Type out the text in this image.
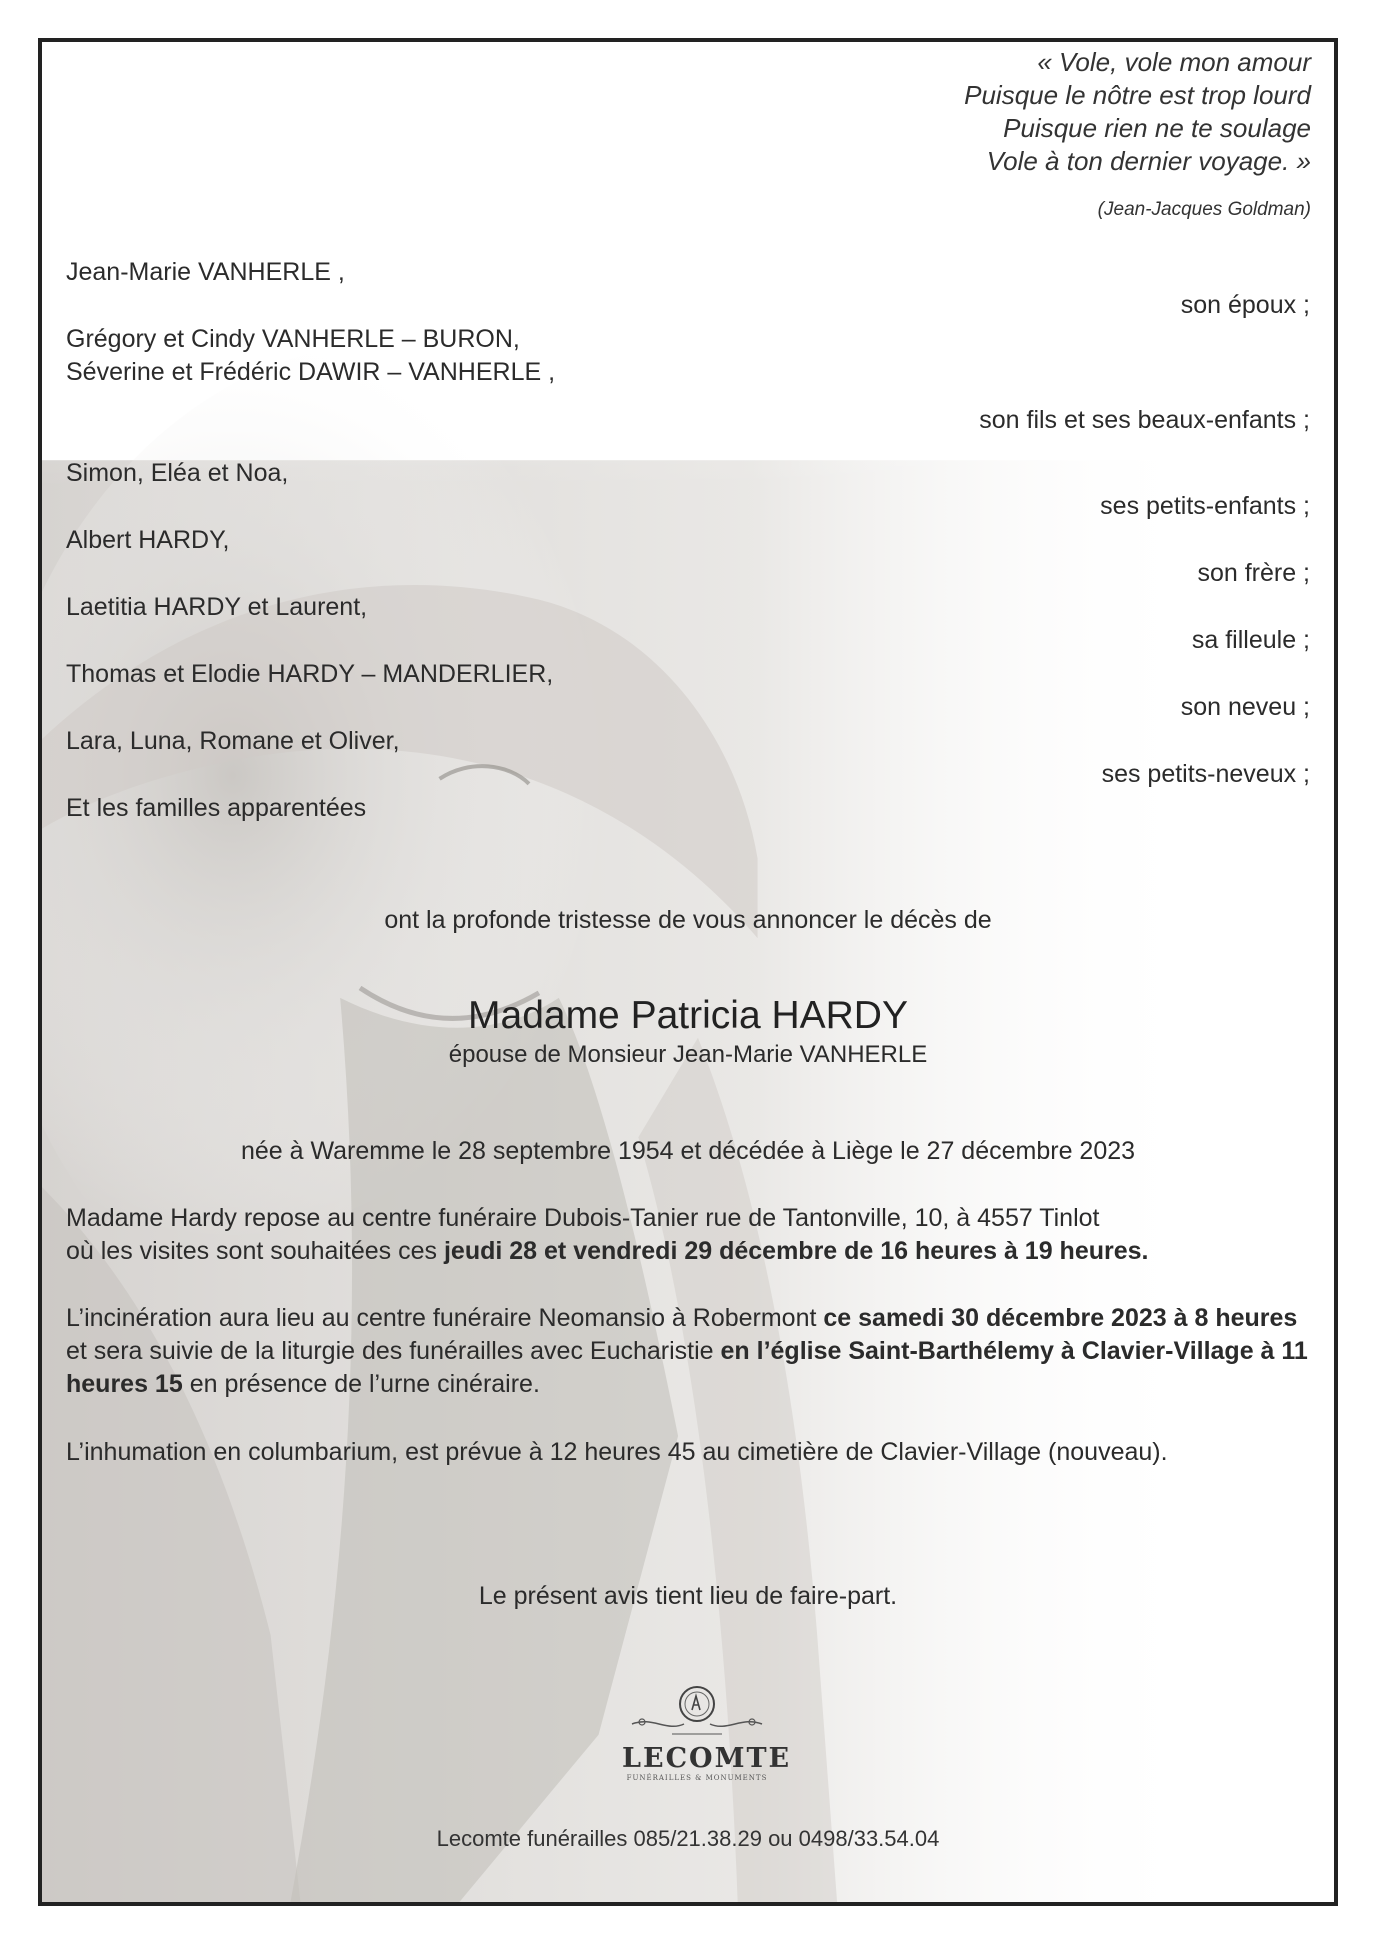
« Vole, vole mon amour
Puisque le nôtre est trop lourd
Puisque rien ne te soulage
Vole à ton dernier voyage. »
(Jean-Jacques Goldman)
Jean-Marie VANHERLE ,
son époux ;
Grégory et Cindy VANHERLE – BURON,
Séverine et Frédéric DAWIR – VANHERLE ,
son fils et ses beaux-enfants ;
Simon, Eléa et Noa,
ses petits-enfants ;
Albert HARDY,
son frère ;
Laetitia HARDY et Laurent,
sa filleule ;
Thomas et Elodie HARDY – MANDERLIER,
son neveu ;
Lara, Luna, Romane et Oliver,
ses petits-neveux ;
Et les familles apparentées
ont la profonde tristesse de vous annoncer le décès de
Madame Patricia HARDY
épouse de Monsieur Jean-Marie VANHERLE
née à Waremme le 28 septembre 1954 et décédée à Liège le 27 décembre 2023
Madame Hardy repose au centre funéraire Dubois-Tanier rue de Tantonville, 10, à 4557 Tinlot
où les visites sont souhaitées ces jeudi 28 et vendredi 29 décembre de 16 heures à 19 heures.
L’incinération aura lieu au centre funéraire Neomansio à Robermont ce samedi 30 décembre 2023 à 8 heures et sera suivie de la liturgie des funérailles avec Eucharistie en l’église Saint-Barthélemy à Clavier-Village à 11 heures 15 en présence de l’urne cinéraire.
L’inhumation en columbarium, est prévue à 12 heures 45 au cimetière de Clavier-Village (nouveau).
Le présent avis tient lieu de faire-part.
LECOMTE
FUNÉRAILLES & MONUMENTS
Lecomte funérailles 085/21.38.29 ou 0498/33.54.04
